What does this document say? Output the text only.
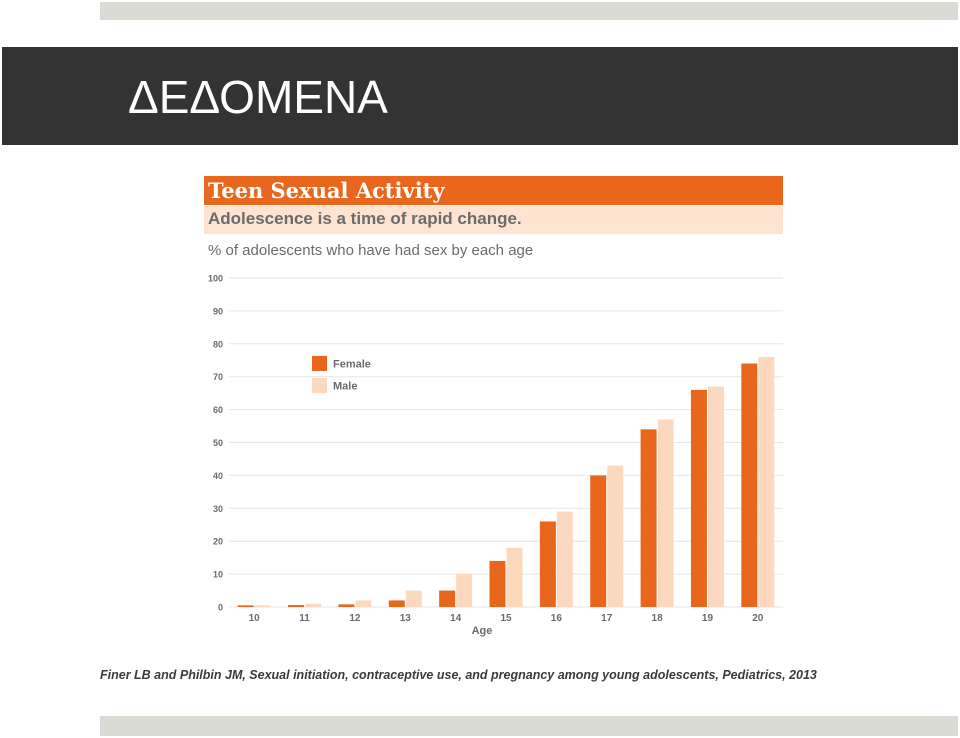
ΔΕΔΟΜΕΝΑ
Teen Sexual Activity
Adolescence is a time of rapid change.
% of adolescents who have had sex by each age
0
10
20
30
40
50
60
70
80
90
100
10	11	12	13	14	15	16	17	18	19	20
Age
Female
Male
Finer LB and Philbin JM, Sexual initiation, contraceptive use, and pregnancy among young adolescents, Pediatrics, 2013
